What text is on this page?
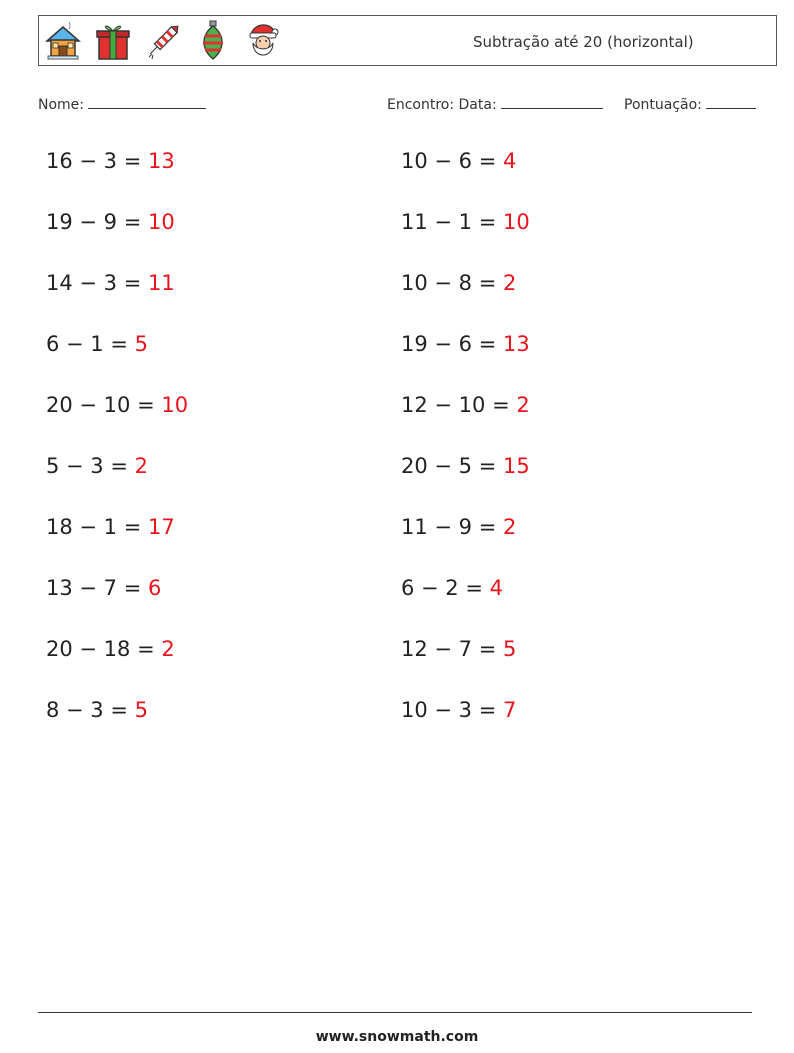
Subtração até 20 (horizontal)
Nome:	Encontro: Data:	Pontuação:
16 − 3 = 13
19 − 9 = 10
14 − 3 = 11
6 − 1 = 5
20 − 10 = 10
5 − 3 = 2
18 − 1 = 17
13 − 7 = 6
20 − 18 = 2
8 − 3 = 5
10 − 6 = 4
11 − 1 = 10
10 − 8 = 2
19 − 6 = 13
12 − 10 = 2
20 − 5 = 15
11 − 9 = 2
6 − 2 = 4
12 − 7 = 5
10 − 3 = 7
www.snowmath.com
